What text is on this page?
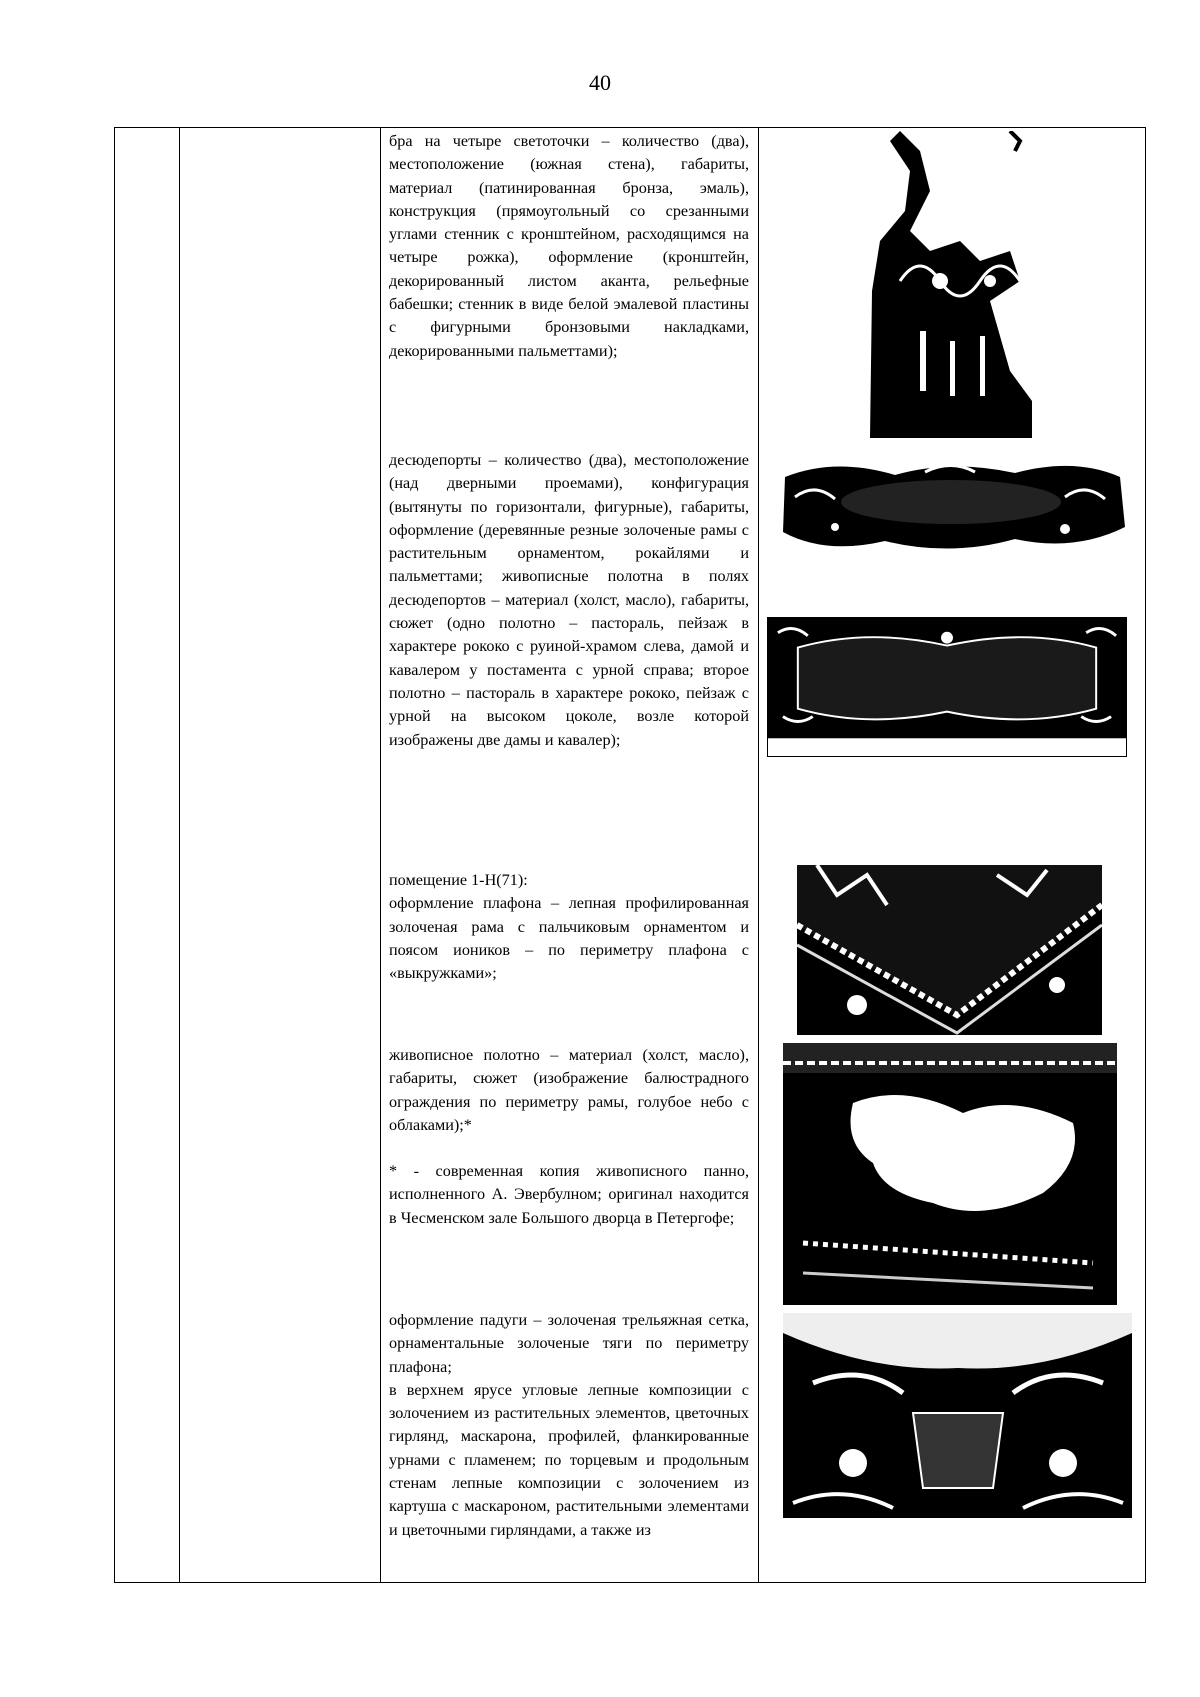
40

бра на четыре светоточки – количество (два), местоположение (южная стена), габариты, материал (патинированная бронза, эмаль), конструкция (прямоугольный со срезанными углами стенник с кронштейном, расходящимся на четыре рожка), оформление (кронштейн, декорированный листом аканта, рельефные бабешки; стенник в виде белой эмалевой пластины с фигурными бронзовыми накладками, декорированными пальметтами);

десюдепорты – количество (два), местоположение (над дверными проемами), конфигурация (вытянуты по горизонтали, фигурные), габариты, оформление (деревянные резные золоченые рамы с растительным орнаментом, рокайлями и пальметтами; живописные полотна в полях десюдепортов – материал (холст, масло), габариты, сюжет (одно полотно – пастораль, пейзаж в характере рококо с руиной-храмом слева, дамой и кавалером у постамента с урной справа; второе полотно – пастораль в характере рококо, пейзаж с урной на высоком цоколе, возле которой изображены две дамы и кавалер);

помещение 1-Н(71):

оформление плафона – лепная профилированная золоченая рама с пальчиковым орнаментом и поясом иоников – по периметру плафона с «выкружками»;

живописное полотно – материал (холст, масло), габариты, сюжет (изображение балюстрадного ограждения по периметру рамы, голубое небо с облаками);*

* - современная копия живописного панно, исполненного А. Эвербулном; оригинал находится в Чесменском зале Большого дворца в Петергофе;

оформление падуги – золоченая трельяжная сетка, орнаментальные золоченые тяги по периметру плафона;

в верхнем ярусе угловые лепные композиции с золочением из растительных элементов, цветочных гирлянд, маскарона, профилей, фланкированные урнами с пламенем; по торцевым и продольным стенам лепные композиции с золочением из картуша с маскароном, растительными элементами и цветочными гирляндами, а также из
